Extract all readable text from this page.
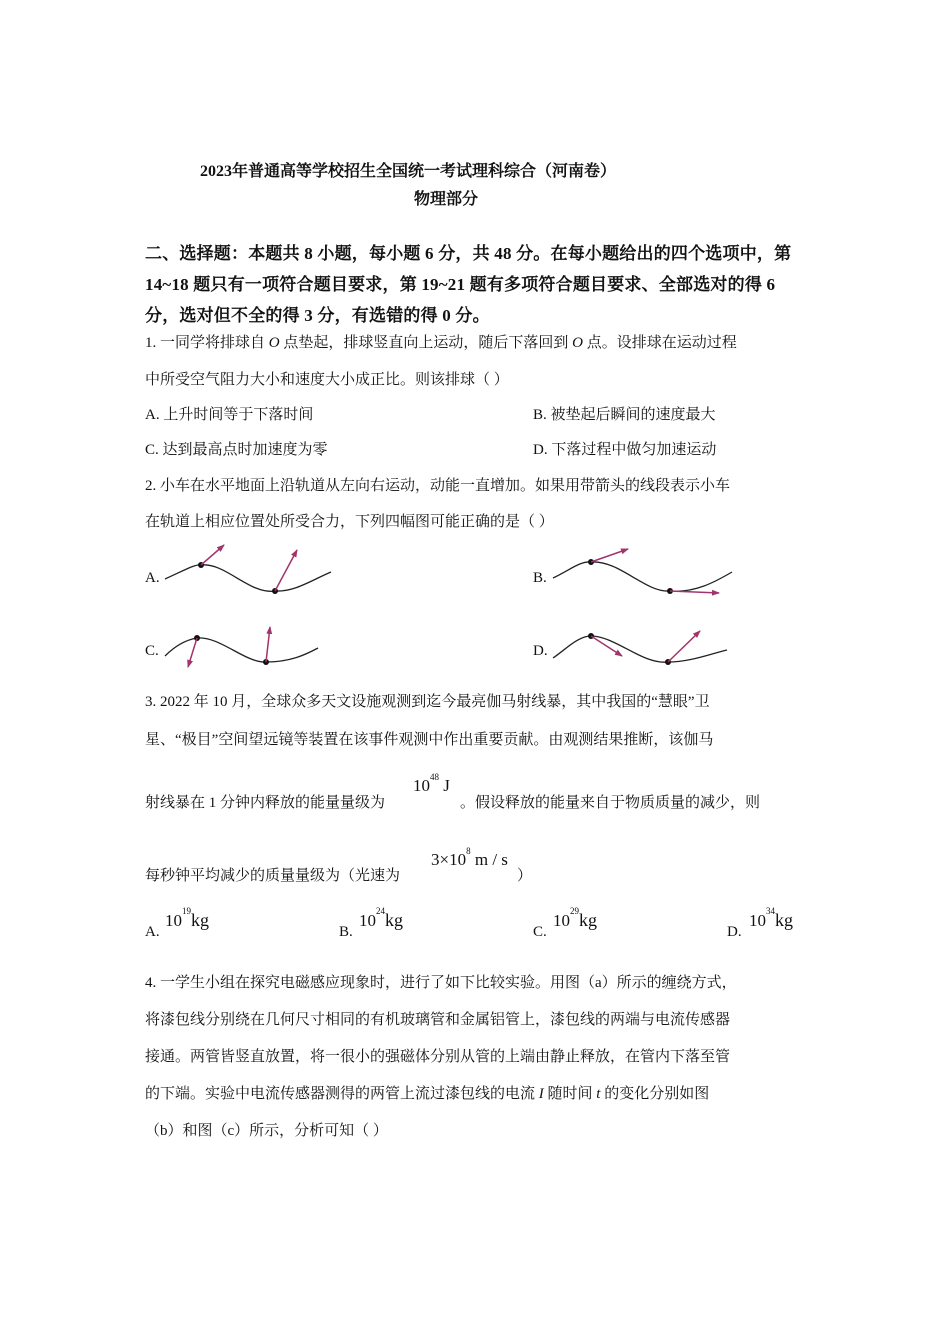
2023年普通高等学校招生全国统一考试理科综合（河南卷）
物理部分
二、选择题：本题共 8 小题，每小题 6 分，共 48 分。在每小题给出的四个选项中，第 14~18 题只有一项符合题目要求，第 19~21 题有多项符合题目要求、全部选对的得 6 分，选对但不全的得 3 分，有选错的得 0 分。
1. 一同学将排球自 O 点垫起，排球竖直向上运动，随后下落回到 O 点。设排球在运动过程
中所受空气阻力大小和速度大小成正比。则该排球（ ）
A. 上升时间等于下落时间	B. 被垫起后瞬间的速度最大
C. 达到最高点时加速度为零	D. 下落过程中做匀加速运动
2. 小车在水平地面上沿轨道从左向右运动，动能一直增加。如果用带箭头的线段表示小车
在轨道上相应位置处所受合力，下列四幅图可能正确的是（ ）
A.	B.
C.	D.
3. 2022 年 10 月，全球众多天文设施观测到迄今最亮伽马射线暴，其中我国的“慧眼”卫
星、“极目”空间望远镜等装置在该事件观测中作出重要贡献。由观测结果推断，该伽马
射线暴在 1 分钟内释放的能量量级为
$10^{48}$ J
。假设释放的能量来自于物质质量的减少，则
每秒钟平均减少的质量量级为（光速为
$3\times 10^8$ m / s
）
A.
$10^{19}kg$
B.
$10^{24}kg$
C.
$10^{29}kg$
D.
$10^{34}kg$
4. 一学生小组在探究电磁感应现象时，进行了如下比较实验。用图（a）所示的缠绕方式，
将漆包线分别绕在几何尺寸相同的有机玻璃管和金属铝管上，漆包线的两端与电流传感器
接通。两管皆竖直放置，将一很小的强磁体分别从管的上端由静止释放，在管内下落至管
的下端。实验中电流传感器测得的两管上流过漆包线的电流 I 随时间 t 的变化分别如图
（b）和图（c）所示，分析可知（ ）
